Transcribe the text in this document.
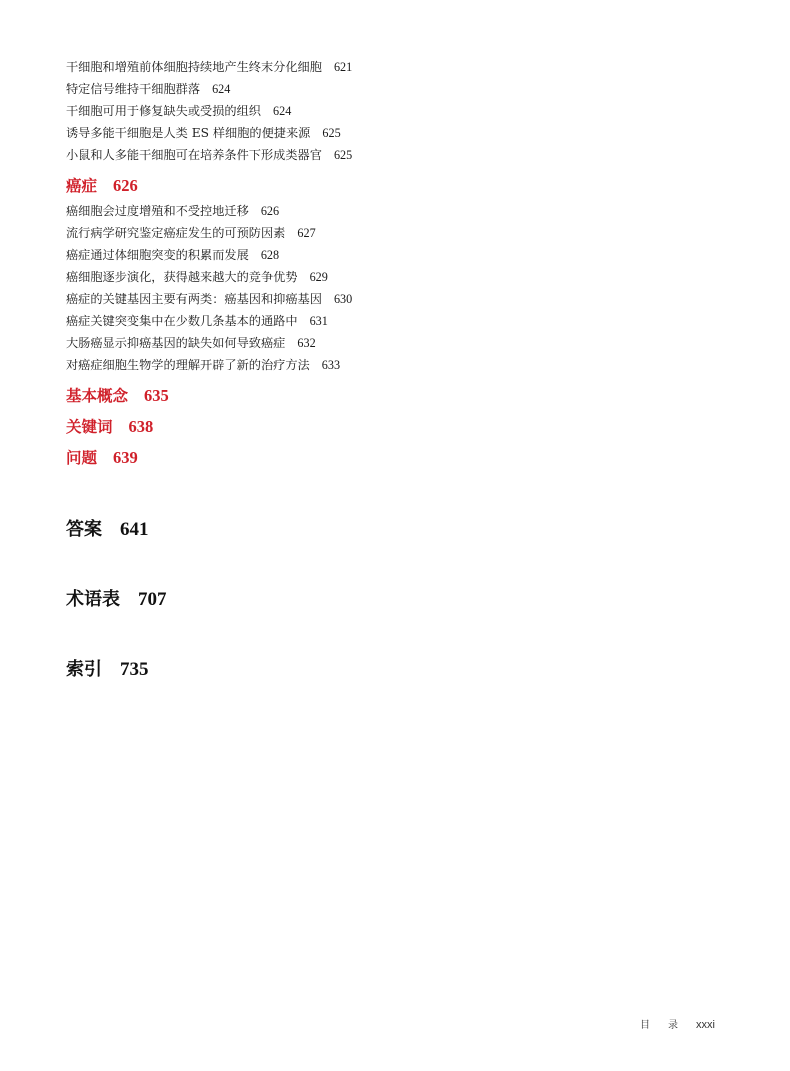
干细胞和增殖前体细胞持续地产生终末分化细胞 621
特定信号维持干细胞群落 624
干细胞可用于修复缺失或受损的组织 624
诱导多能干细胞是人类 ES 样细胞的便捷来源 625
小鼠和人多能干细胞可在培养条件下形成类器官 625
癌症 626
癌细胞会过度增殖和不受控地迁移 626
流行病学研究鉴定癌症发生的可预防因素 627
癌症通过体细胞突变的积累而发展 628
癌细胞逐步演化，获得越来越大的竞争优势 629
癌症的关键基因主要有两类：癌基因和抑癌基因 630
癌症关键突变集中在少数几条基本的通路中 631
大肠癌显示抑癌基因的缺失如何导致癌症 632
对癌症细胞生物学的理解开辟了新的治疗方法 633
基本概念 635
关键词 638
问题 639
答案 641
术语表 707
索引 735
目 录 xxxi
